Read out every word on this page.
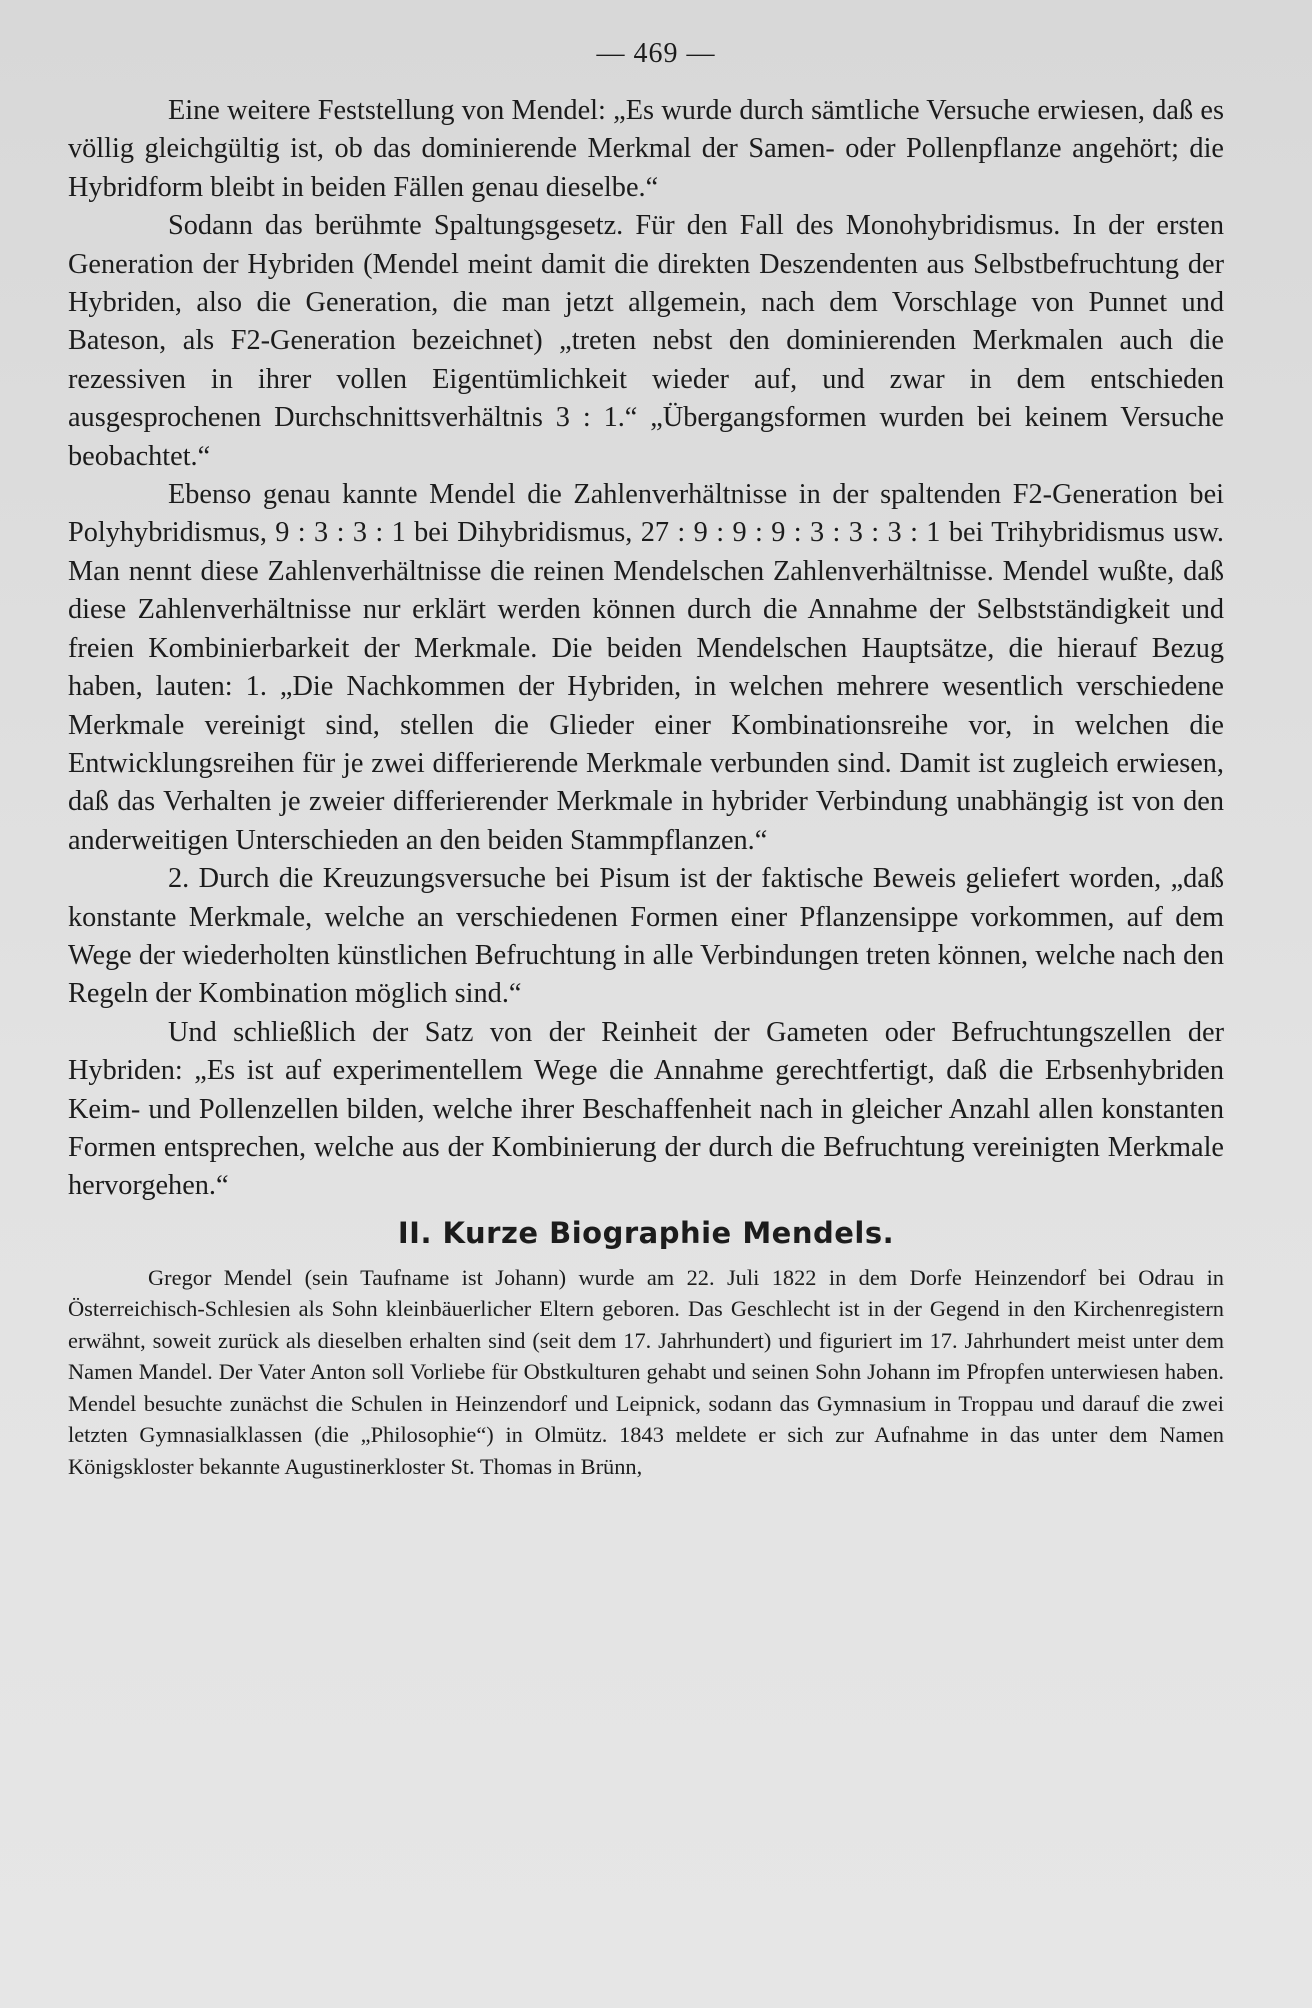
— 469 —

Eine weitere Feststellung von Mendel: „Es wurde durch sämtliche Versuche erwiesen, daß es völlig gleichgültig ist, ob das dominierende Merkmal der Samen- oder Pollenpflanze angehört; die Hybridform bleibt in beiden Fällen genau dieselbe.“

Sodann das berühmte Spaltungsgesetz. Für den Fall des Monohybridismus. In der ersten Generation der Hybriden (Mendel meint damit die direkten Deszendenten aus Selbstbefruchtung der Hybriden, also die Generation, die man jetzt allgemein, nach dem Vorschlage von Punnet und Bateson, als F2-Generation bezeichnet) „treten nebst den dominierenden Merkmalen auch die rezessiven in ihrer vollen Eigentümlichkeit wieder auf, und zwar in dem entschieden ausgesprochenen Durchschnittsverhältnis 3 : 1.“ „Übergangsformen wurden bei keinem Versuche beobachtet.“

Ebenso genau kannte Mendel die Zahlenverhältnisse in der spaltenden F2-Generation bei Polyhybridismus, 9 : 3 : 3 : 1 bei Dihybridismus, 27 : 9 : 9 : 9 : 3 : 3 : 3 : 1 bei Trihybridismus usw. Man nennt diese Zahlenverhältnisse die reinen Mendelschen Zahlenverhältnisse. Mendel wußte, daß diese Zahlenverhältnisse nur erklärt werden können durch die Annahme der Selbstständigkeit und freien Kombinierbarkeit der Merkmale. Die beiden Mendelschen Hauptsätze, die hierauf Bezug haben, lauten: 1. „Die Nachkommen der Hybriden, in welchen mehrere wesentlich verschiedene Merkmale vereinigt sind, stellen die Glieder einer Kombinationsreihe vor, in welchen die Entwicklungsreihen für je zwei differierende Merkmale verbunden sind. Damit ist zugleich erwiesen, daß das Verhalten je zweier differierender Merkmale in hybrider Verbindung unabhängig ist von den anderweitigen Unterschieden an den beiden Stammpflanzen.“

2. Durch die Kreuzungsversuche bei Pisum ist der faktische Beweis geliefert worden, „daß konstante Merkmale, welche an verschiedenen Formen einer Pflanzensippe vorkommen, auf dem Wege der wiederholten künstlichen Befruchtung in alle Verbindungen treten können, welche nach den Regeln der Kombination möglich sind.“

Und schließlich der Satz von der Reinheit der Gameten oder Befruchtungszellen der Hybriden: „Es ist auf experimentellem Wege die Annahme gerechtfertigt, daß die Erbsenhybriden Keim- und Pollenzellen bilden, welche ihrer Beschaffenheit nach in gleicher Anzahl allen konstanten Formen entsprechen, welche aus der Kombinierung der durch die Befruchtung vereinigten Merkmale hervorgehen.“

II. Kurze Biographie Mendels.

Gregor Mendel (sein Taufname ist Johann) wurde am 22. Juli 1822 in dem Dorfe Heinzendorf bei Odrau in Österreichisch-Schlesien als Sohn kleinbäuerlicher Eltern geboren. Das Geschlecht ist in der Gegend in den Kirchenregistern erwähnt, soweit zurück als dieselben erhalten sind (seit dem 17. Jahrhundert) und figuriert im 17. Jahrhundert meist unter dem Namen Mandel. Der Vater Anton soll Vorliebe für Obstkulturen gehabt und seinen Sohn Johann im Pfropfen unterwiesen haben. Mendel besuchte zunächst die Schulen in Heinzendorf und Leipnick, sodann das Gymnasium in Troppau und darauf die zwei letzten Gymnasialklassen (die „Philosophie“) in Olmütz. 1843 meldete er sich zur Aufnahme in das unter dem Namen Königskloster bekannte Augustinerkloster St. Thomas in Brünn,
